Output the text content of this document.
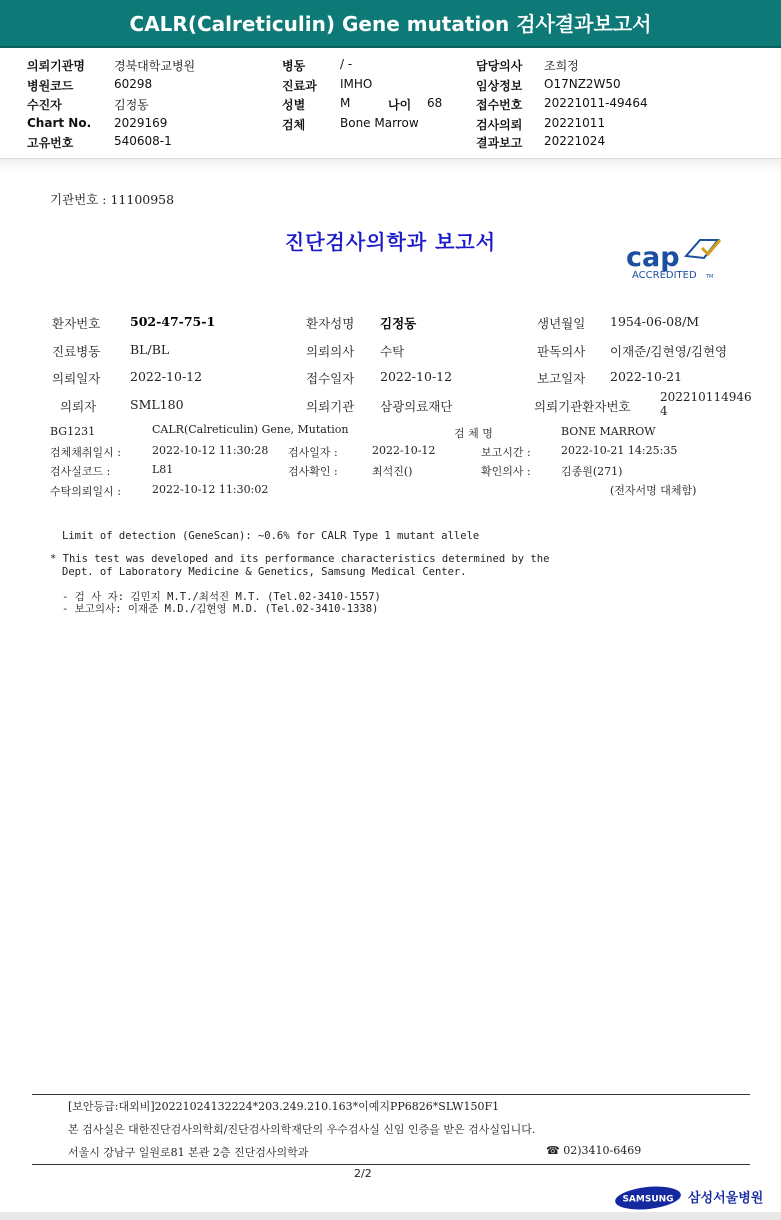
CALR(Calreticulin) Gene mutation 검사결과보고서
의뢰기관명 경북대학교병원
병원코드	60298
수진자	김정동
Chart No. 2029169
고유번호	540608-1
병동	/ -
진료과 IMHO
성별	M	나이 68
검체	Bone Marrow
담당의사 조희정
임상정보 O17NZ2W50
접수번호 20221011-49464
검사의뢰 20221011
결과보고 20221024
기관번호 : 11100958
진단검사의학과 보고서	cap
ACCREDITED TM
환자번호 502-47-75-1	환자성명 김정동	생년월일 1954-06-08/M
진료병동 BL/BL	의뢰의사 수탁	판독의사 이재준/김현영/김현영
의뢰일자 2022-10-12	접수일자 2022-10-12	보고일자 2022-10-21
의뢰자	SML180	의뢰기관 삼광의료재단	의뢰기관환자번호
202210114946
4
BG1231	CALR(Calreticulin) Gene, Mutation	검 체 명	BONE MARROW
검체채취일시 :	2022-10-12 11:30:28 검사일자 :	2022-10-12	보고시간 :	2022-10-21 14:25:35
검사실코드 :	L81	검사확인 :	최석진()	확인의사 :	김종원(271)
수탁의뢰일시 :	2022-10-12 11:30:02	(전자서명 대체함)
Limit of detection (GeneScan): ~0.6% for CALR Type 1 mutant allele
* This test was developed and its performance characteristics determined by the
Dept. of Laboratory Medicine & Genetics, Samsung Medical Center.
- 검 사 자: 김민지 M.T./최석진 M.T. (Tel.02-3410-1557)
- 보고의사: 이재준 M.D./김현영 M.D. (Tel.02-3410-1338)
[보안등급:대외비]20221024132224*203.249.210.163*이예지PP6826*SLW150F1
본 검사실은 대한진단검사의학회/진단검사의학재단의 우수검사실 신임 인증을 받은 검사실입니다.
서울시 강남구 일원로81 본관 2층 진단검사의학과	☎ 02)3410-6469
2/2
SAMSUNG 삼성서울병원
